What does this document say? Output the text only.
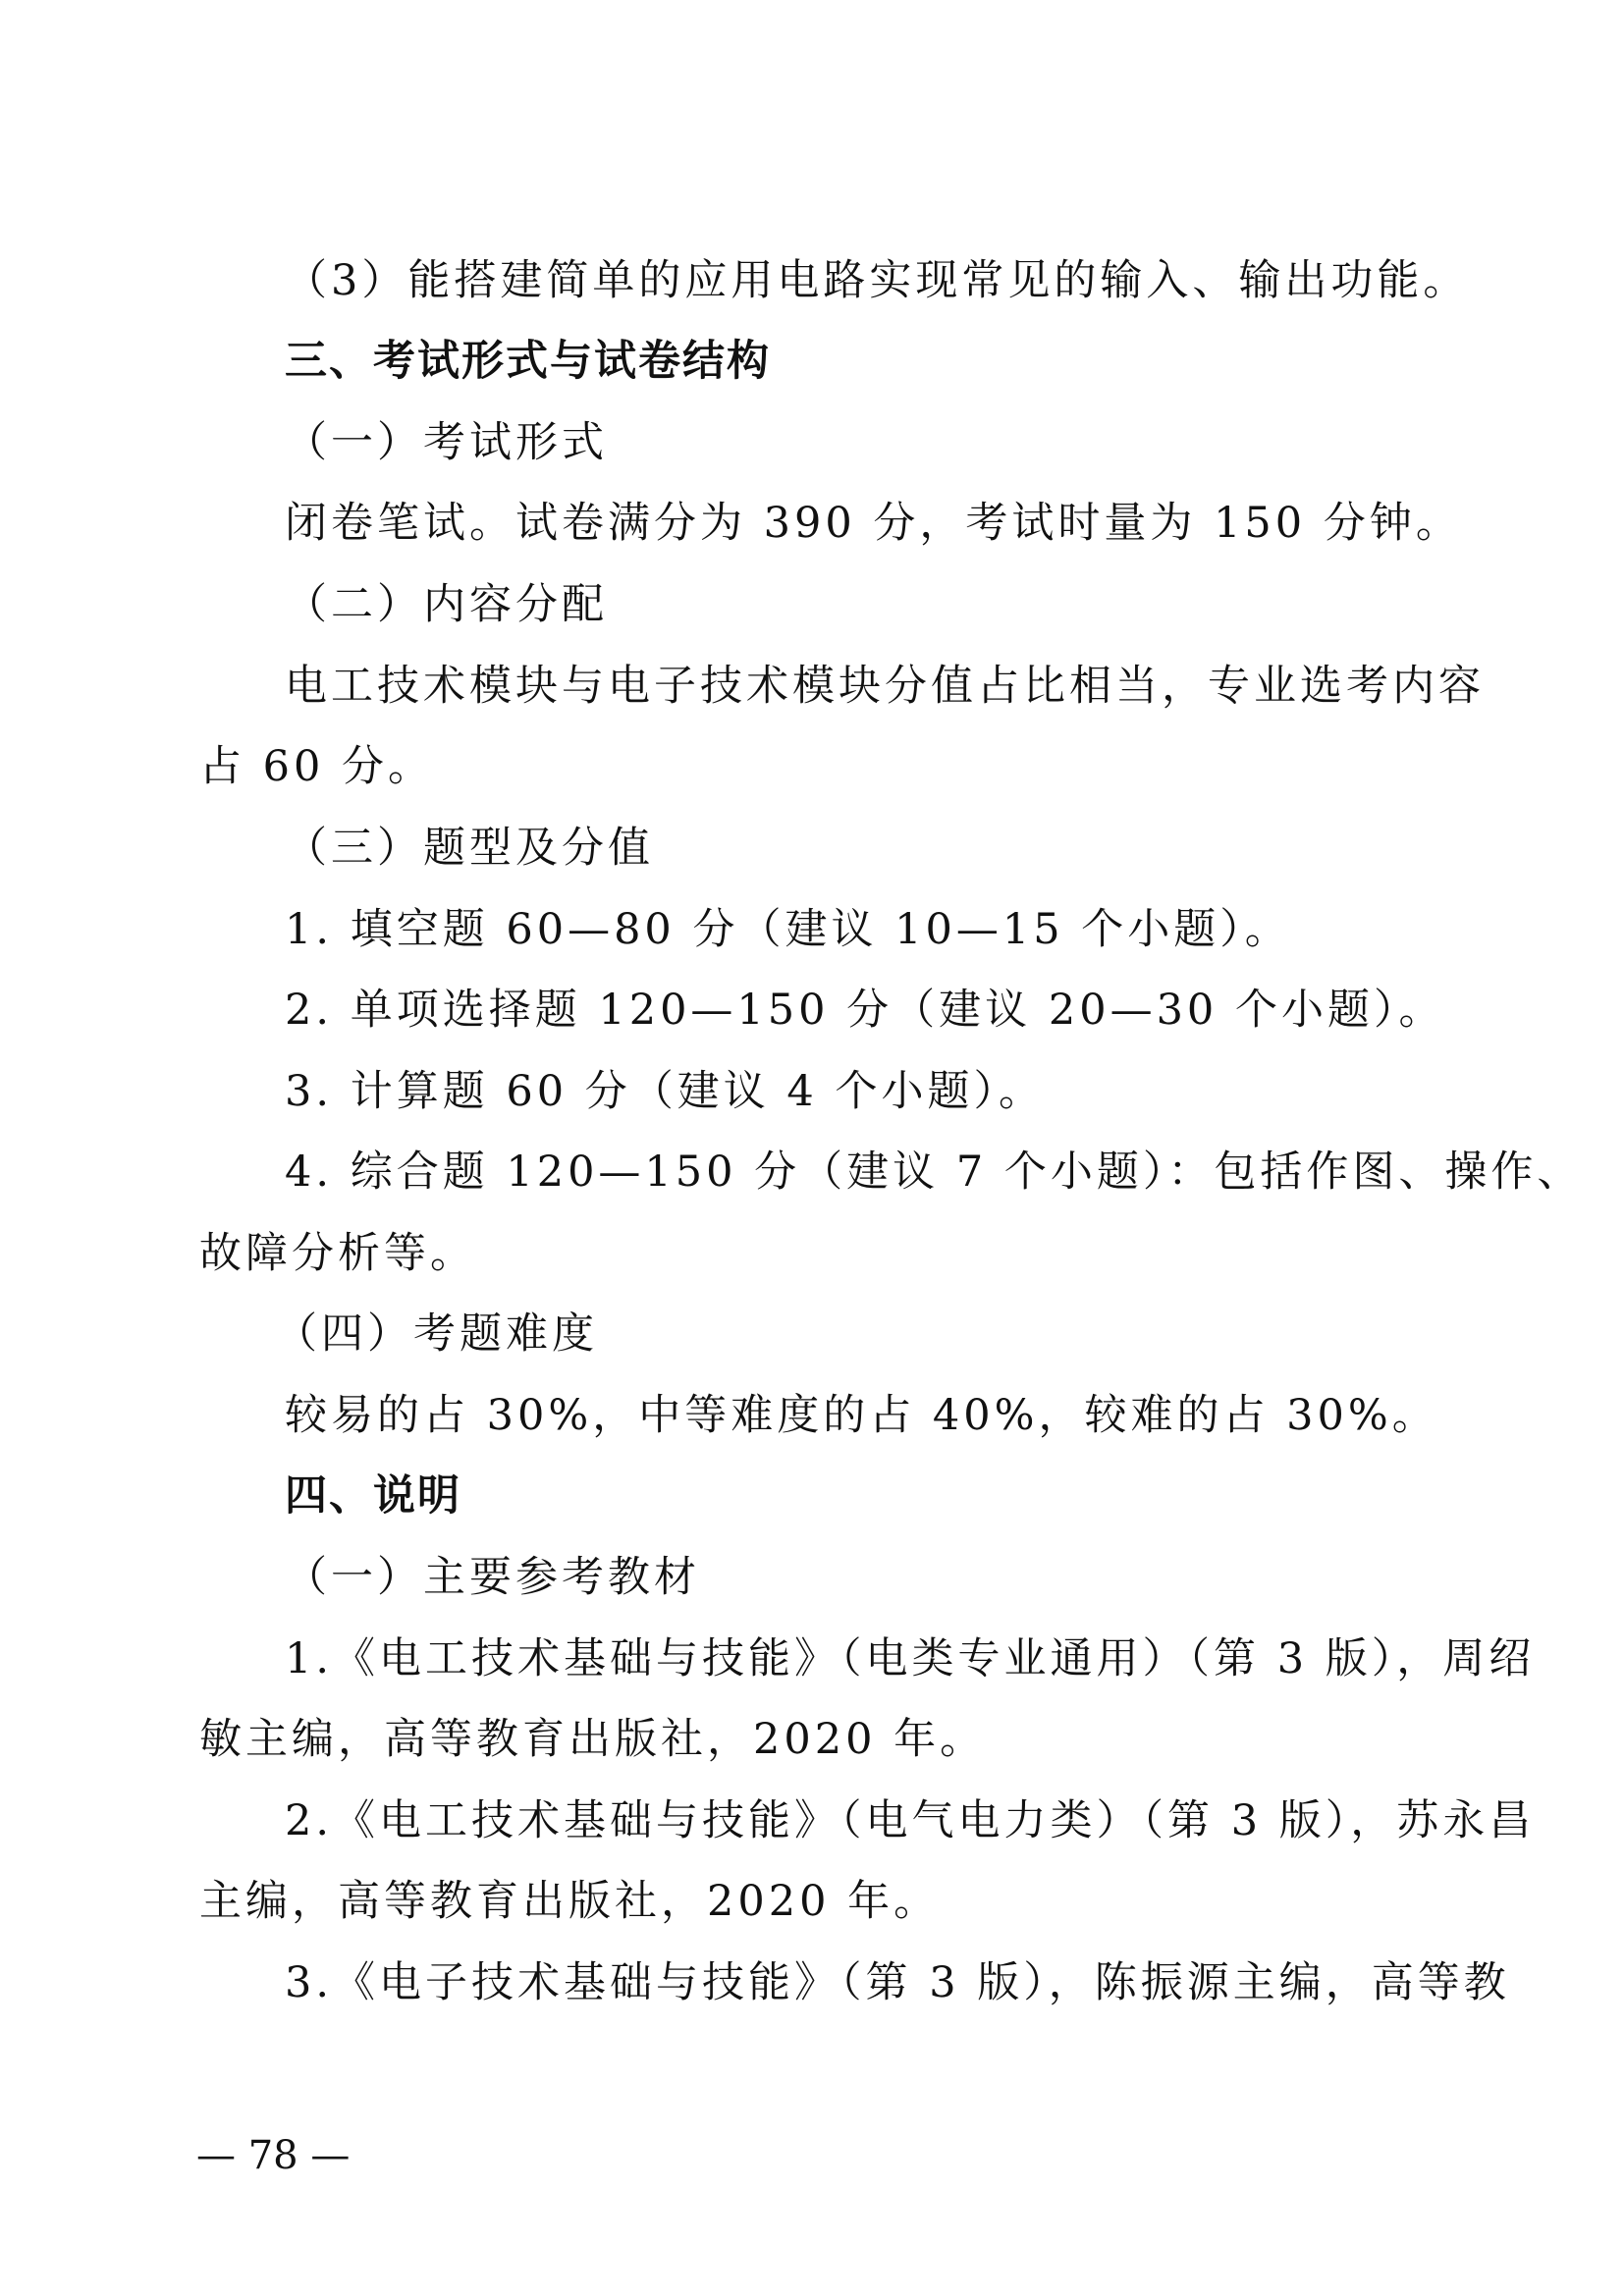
（3）能搭建简单的应用电路实现常见的输入、输出功能。

三、考试形式与试卷结构

（一）考试形式

闭卷笔试。试卷满分为 390 分，考试时量为 150 分钟。

（二）内容分配

电工技术模块与电子技术模块分值占比相当，专业选考内容

占 60 分。

（三）题型及分值

1. 填空题 60—80 分（建议 10—15 个小题）。

2. 单项选择题 120—150 分（建议 20—30 个小题）。

3. 计算题 60 分（建议 4 个小题）。

4. 综合题 120—150 分（建议 7 个小题）：包括作图、操作、

故障分析等。

（四）考题难度

较易的占 30%，中等难度的占 40%，较难的占 30%。

四、说明

（一）主要参考教材

1.《电工技术基础与技能》（电类专业通用）（第 3 版），周绍

敏主编，高等教育出版社，2020 年。

2.《电工技术基础与技能》（电气电力类）（第 3 版），苏永昌

主编，高等教育出版社，2020 年。

3.《电子技术基础与技能》（第 3 版），陈振源主编，高等教

— 78 —
